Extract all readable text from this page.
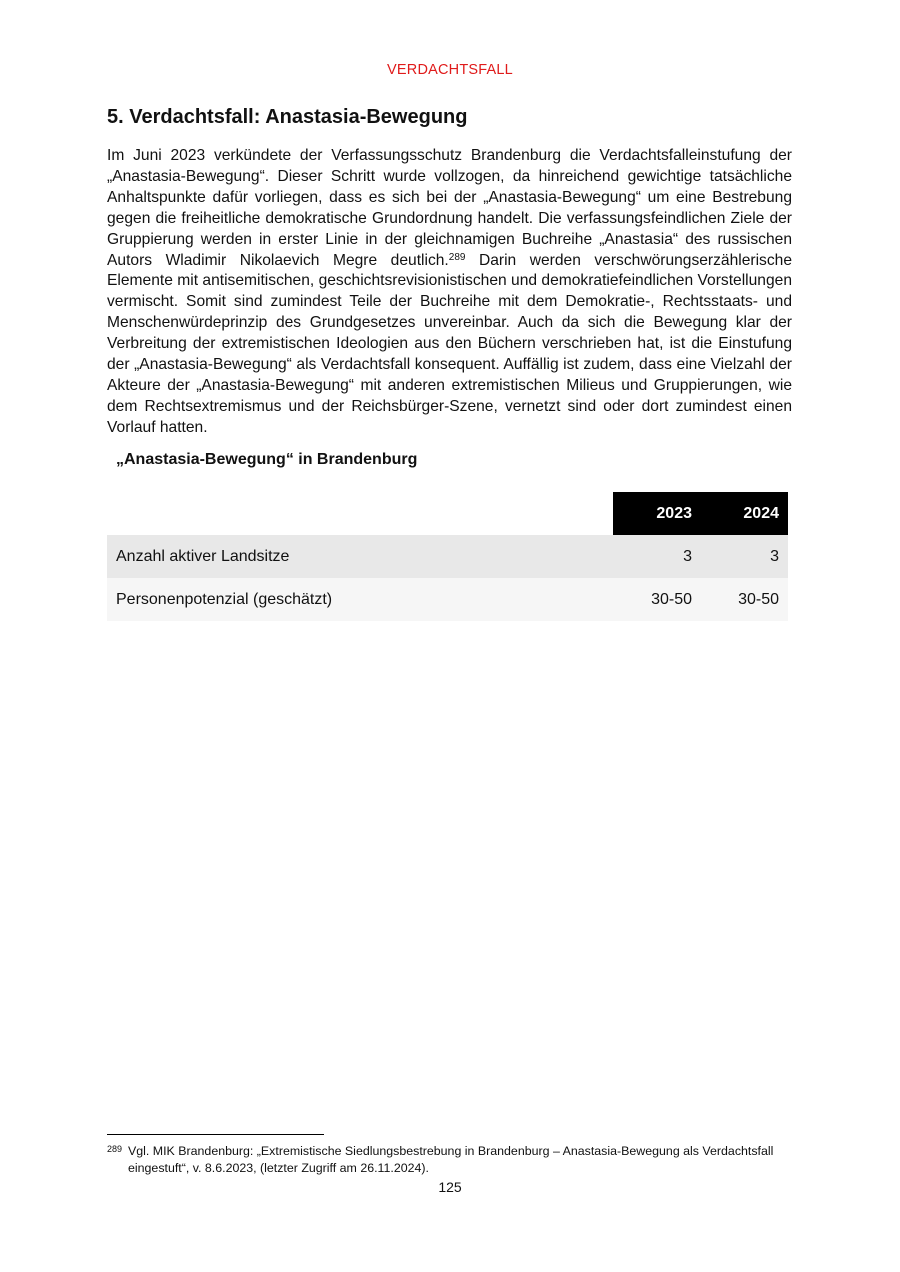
VERDACHTSFALL
5. Verdachtsfall: Anastasia-Bewegung

Im Juni 2023 verkündete der Verfassungsschutz Brandenburg die Verdachtsfalleinstufung der „Anastasia-Bewegung“. Dieser Schritt wurde vollzogen, da hinreichend gewichtige tatsächliche Anhaltspunkte dafür vorliegen, dass es sich bei der „Anastasia-Bewegung“ um eine Bestrebung gegen die freiheitliche demokratische Grundordnung handelt. Die verfassungsfeindlichen Ziele der Gruppierung werden in erster Linie in der gleichnamigen Buchreihe „Anastasia“ des russischen Autors Wladimir Nikolaevich Megre deutlich.$^{289}$ Darin werden verschwörungserzählerische Elemente mit antisemitischen, geschichtsrevisionistischen und demokratiefeindlichen Vorstellungen vermischt. Somit sind zumindest Teile der Buchreihe mit dem Demokratie-, Rechtsstaats- und Menschenwürdeprinzip des Grundgesetzes unvereinbar. Auch da sich die Bewegung klar der Verbreitung der extremistischen Ideologien aus den Büchern verschrieben hat, ist die Einstufung der „Anastasia-Bewegung“ als Verdachtsfall konsequent. Auffällig ist zudem, dass eine Vielzahl der Akteure der „Anastasia-Bewegung“ mit anderen extremistischen Milieus und Gruppierungen, wie dem Rechtsextremismus und der Reichsbürger-Szene, vernetzt sind oder dort zumindest einen Vorlauf hatten.

„Anastasia-Bewegung“ in Brandenburg
	2023	2024
Anzahl aktiver Landsitze	3	3
Personenpotenzial (geschätzt)	30-50	30-50
289 Vgl. MIK Brandenburg: „Extremistische Siedlungsbestrebung in Brandenburg – Anastasia-Bewegung als Verdachtsfall eingestuft“, v. 8.6.2023, (letzter Zugriff am 26.11.2024).
125
